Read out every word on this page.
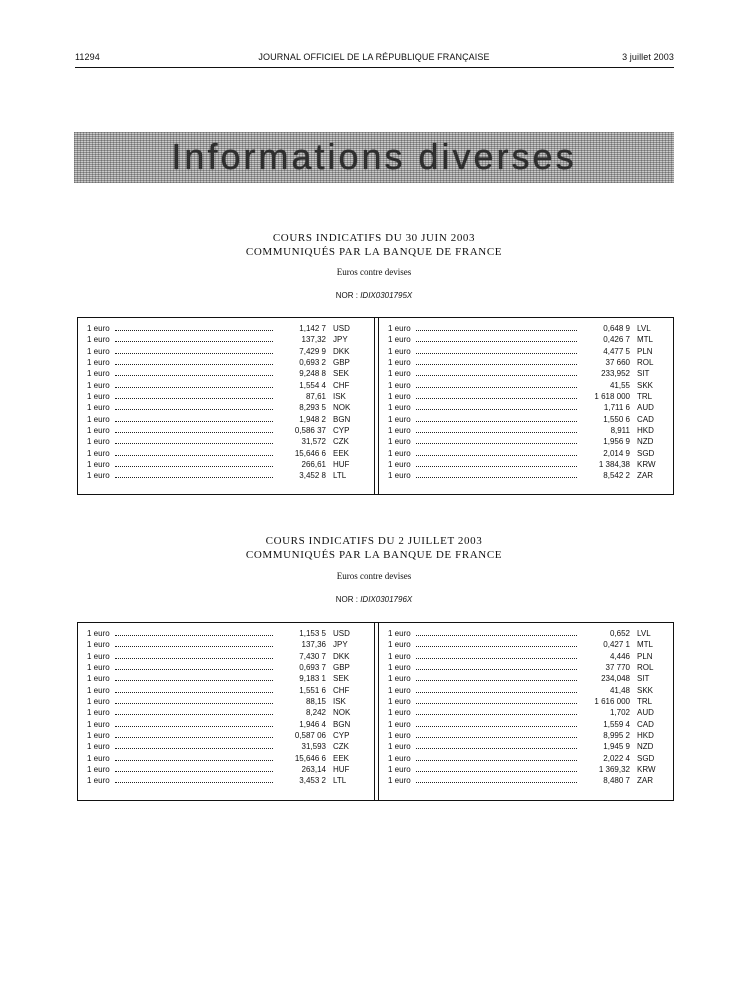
11294	JOURNAL OFFICIEL DE LA RÉPUBLIQUE FRANÇAISE	3 juillet 2003
Informations diverses
COURS INDICATIFS DU 30 JUIN 2003
COMMUNIQUÉS PAR LA BANQUE DE FRANCE
Euros contre devises
NOR : IDIX0301795X
1 euro	1,142 7 USD
1 euro	137,32 JPY
1 euro	7,429 9 DKK
1 euro	0,693 2 GBP
1 euro	9,248 8 SEK
1 euro	1,554 4 CHF
1 euro	87,61 ISK
1 euro	8,293 5 NOK
1 euro	1,948 2 BGN
1 euro	0,586 37 CYP
1 euro	31,572 CZK
1 euro	15,646 6 EEK
1 euro	266,61 HUF
1 euro	3,452 8 LTL
1 euro	0,648 9 LVL
1 euro	0,426 7 MTL
1 euro	4,477 5 PLN
1 euro	37 660 ROL
1 euro	233,952 SIT
1 euro	41,55 SKK
1 euro	1 618 000 TRL
1 euro	1,711 6 AUD
1 euro	1,550 6 CAD
1 euro	8,911 HKD
1 euro	1,956 9 NZD
1 euro	2,014 9 SGD
1 euro	1 384,38 KRW
1 euro	8,542 2 ZAR
COURS INDICATIFS DU 2 JUILLET 2003
COMMUNIQUÉS PAR LA BANQUE DE FRANCE
Euros contre devises
NOR : IDIX0301796X
1 euro	1,153 5 USD
1 euro	137,36 JPY
1 euro	7,430 7 DKK
1 euro	0,693 7 GBP
1 euro	9,183 1 SEK
1 euro	1,551 6 CHF
1 euro	88,15 ISK
1 euro	8,242 NOK
1 euro	1,946 4 BGN
1 euro	0,587 06 CYP
1 euro	31,593 CZK
1 euro	15,646 6 EEK
1 euro	263,14 HUF
1 euro	3,453 2 LTL
1 euro	0,652 LVL
1 euro	0,427 1 MTL
1 euro	4,446 PLN
1 euro	37 770 ROL
1 euro	234,048 SIT
1 euro	41,48 SKK
1 euro	1 616 000 TRL
1 euro	1,702 AUD
1 euro	1,559 4 CAD
1 euro	8,995 2 HKD
1 euro	1,945 9 NZD
1 euro	2,022 4 SGD
1 euro	1 369,32 KRW
1 euro	8,480 7 ZAR
